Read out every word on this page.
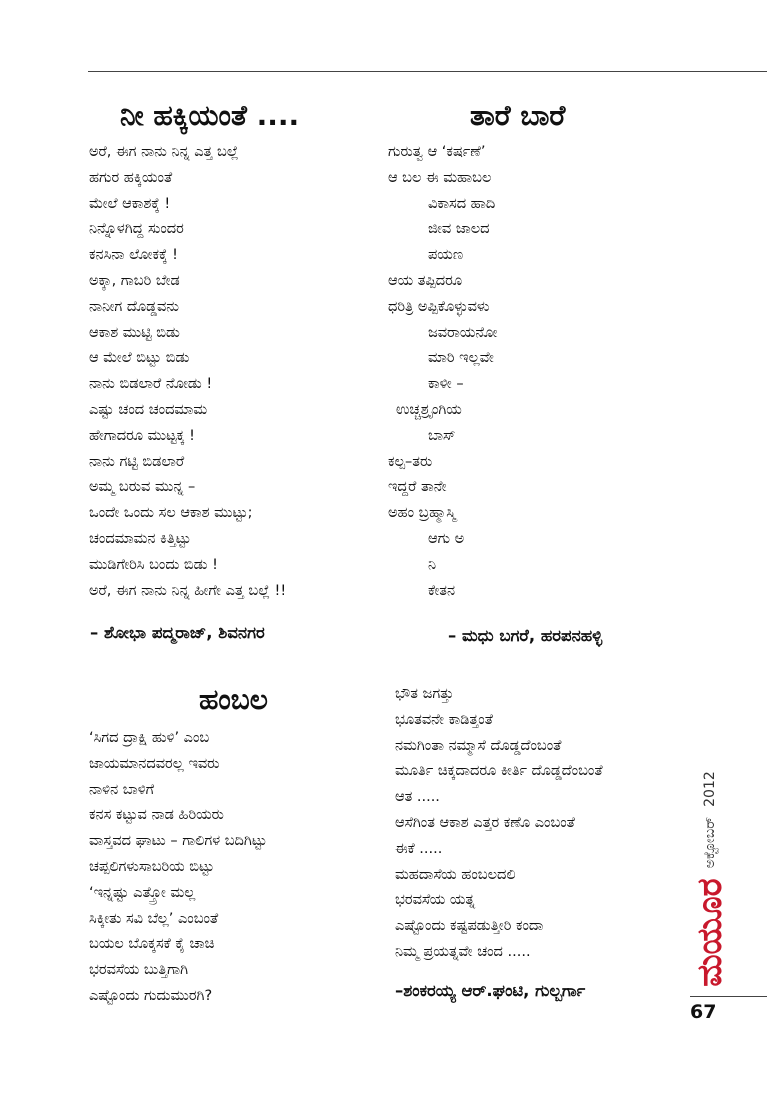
ನೀ ಹಕ್ಕಿಯಂತೆ ....
ಅರೆ, ಈಗ ನಾನು ನಿನ್ನ ಎತ್ತ ಬಲ್ಲೆ
ಹಗುರ ಹಕ್ಕಿಯಂತೆ
ಮೇಲೆ ಆಕಾಶಕ್ಕೆ !
ನಿನ್ನೊಳಗಿದ್ದ ಸುಂದರ
ಕನಸಿನಾ ಲೋಕಕ್ಕೆ !
ಅಕ್ಕಾ, ಗಾಬರಿ ಬೇಡ
ನಾನೀಗ ದೊಡ್ಡವನು
ಆಕಾಶ ಮುಟ್ಟಿ ಬಿಡು
ಆ ಮೇಲೆ ಬಿಟ್ಟು ಬಿಡು
ನಾನು ಬಿಡಲಾರೆ ನೋಡು !
ಎಷ್ಟು ಚಂದ ಚಂದಮಾಮ
ಹೇಗಾದರೂ ಮುಟ್ಟಕ್ಕ !
ನಾನು ಗಟ್ಟಿ ಬಿಡಲಾರೆ
ಅಮ್ಮ ಬರುವ ಮುನ್ನ –
ಒಂದೇ ಒಂದು ಸಲ ಆಕಾಶ ಮುಟ್ಟು;
ಚಂದಮಾಮನ ಕಿತ್ತಿಟ್ಟು
ಮುಡಿಗೇರಿಸಿ ಬಂದು ಬಿಡು !
ಅರೆ, ಈಗ ನಾನು ನಿನ್ನ ಹೀಗೇ ಎತ್ತ ಬಲ್ಲೆ !!
– ಶೋಭಾ ಪದ್ಮರಾಜ್, ಶಿವನಗರ
ತಾರೆ ಬಾರೆ
ಗುರುತ್ವ ಆ ‘ಕರ್ಷಣೆ’
ಆ ಬಲ ಈ ಮಹಾಬಲ
ವಿಕಾಸದ ಹಾದಿ
ಜೀವ ಜಾಲದ
ಪಯಣ
ಆಯ ತಪ್ಪಿದರೂ
ಧರಿತ್ರಿ ಅಪ್ಪಿಕೊಳ್ಳುವಳು
ಜವರಾಯನೋ
ಮಾರಿ ಇಲ್ಲವೇ
ಕಾಳೀ –
ಉಚ್ಚಶ್ರೃಂಗಿಯ
ಬಾಸ್
ಕಲ್ಪ–ತರು
ಇದ್ದರೆ ತಾನೇ
ಅಹಂ ಬ್ರಹ್ಮಾಸ್ಮಿ
ಆಗು ಅ
ನಿ
ಕೇತನ
– ಮಧು ಬಗರೆ, ಹರಪನಹಳ್ಳಿ
ಹಂಬಲ
‘ಸಿಗದ ದ್ರಾಕ್ಷಿ ಹುಳಿ’ ಎಂಬ
ಜಾಯಮಾನದವರಲ್ಲ ಇವರು
ನಾಳಿನ ಬಾಳಿಗೆ
ಕನಸ ಕಟ್ಟುವ ನಾಡ ಹಿರಿಯರು
ವಾಸ್ತವದ ಘಾಟು – ಗಾಲಿಗಳ ಬದಿಗಿಟ್ಟು
ಚಪ್ಪಲಿಗಳುಸಾಬರಿಯ ಬಿಟ್ಟು
‘ಇನ್ನಷ್ಟು ಎತ್ತ್ರೋ ಮಲ್ಲ
ಸಿಕ್ಕೀತು ಸವಿ ಬೆಲ್ಲ’ ಎಂಬಂತೆ
ಬಯಲ ಬೊಕ್ಕಸಕೆ ಕೈ ಚಾಚಿ
ಭರವಸೆಯ ಬುತ್ತಿಗಾಗಿ
ಎಷ್ಟೊಂದು ಗುದುಮುರಗಿ?
ಭೌತ ಜಗತ್ತು
ಭೂತವನೇ ಕಾಡಿತ್ತಂತೆ
ನಮಗಿಂತಾ ನಮ್ಮಾಸೆ ದೊಡ್ಡದೆಂಬಂತೆ
ಮೂರ್ತಿ ಚಿಕ್ಕದಾದರೂ ಕೀರ್ತಿ ದೊಡ್ಡದೆಂಬಂತೆ
ಆತ .....
ಆಸೆಗಿಂತ ಆಕಾಶ ಎತ್ತರ ಕಣೊ ಎಂಬಂತೆ
ಈಕೆ .....
ಮಹದಾಸೆಯ ಹಂಬಲದಲಿ
ಭರವಸೆಯ ಯತ್ನ
ಎಷ್ಟೊಂದು ಕಷ್ಟಪಡುತ್ತೀರಿ ಕಂದಾ
ನಿಮ್ಮ ಪ್ರಯತ್ನವೇ ಚಂದ .....
–ಶಂಕರಯ್ಯ ಆರ್.ಘಂಟಿ, ಗುಲ್ಬರ್ಗಾ
ಮಯೂರ
ಅಕ್ಟೋಬರ್
2012
67
